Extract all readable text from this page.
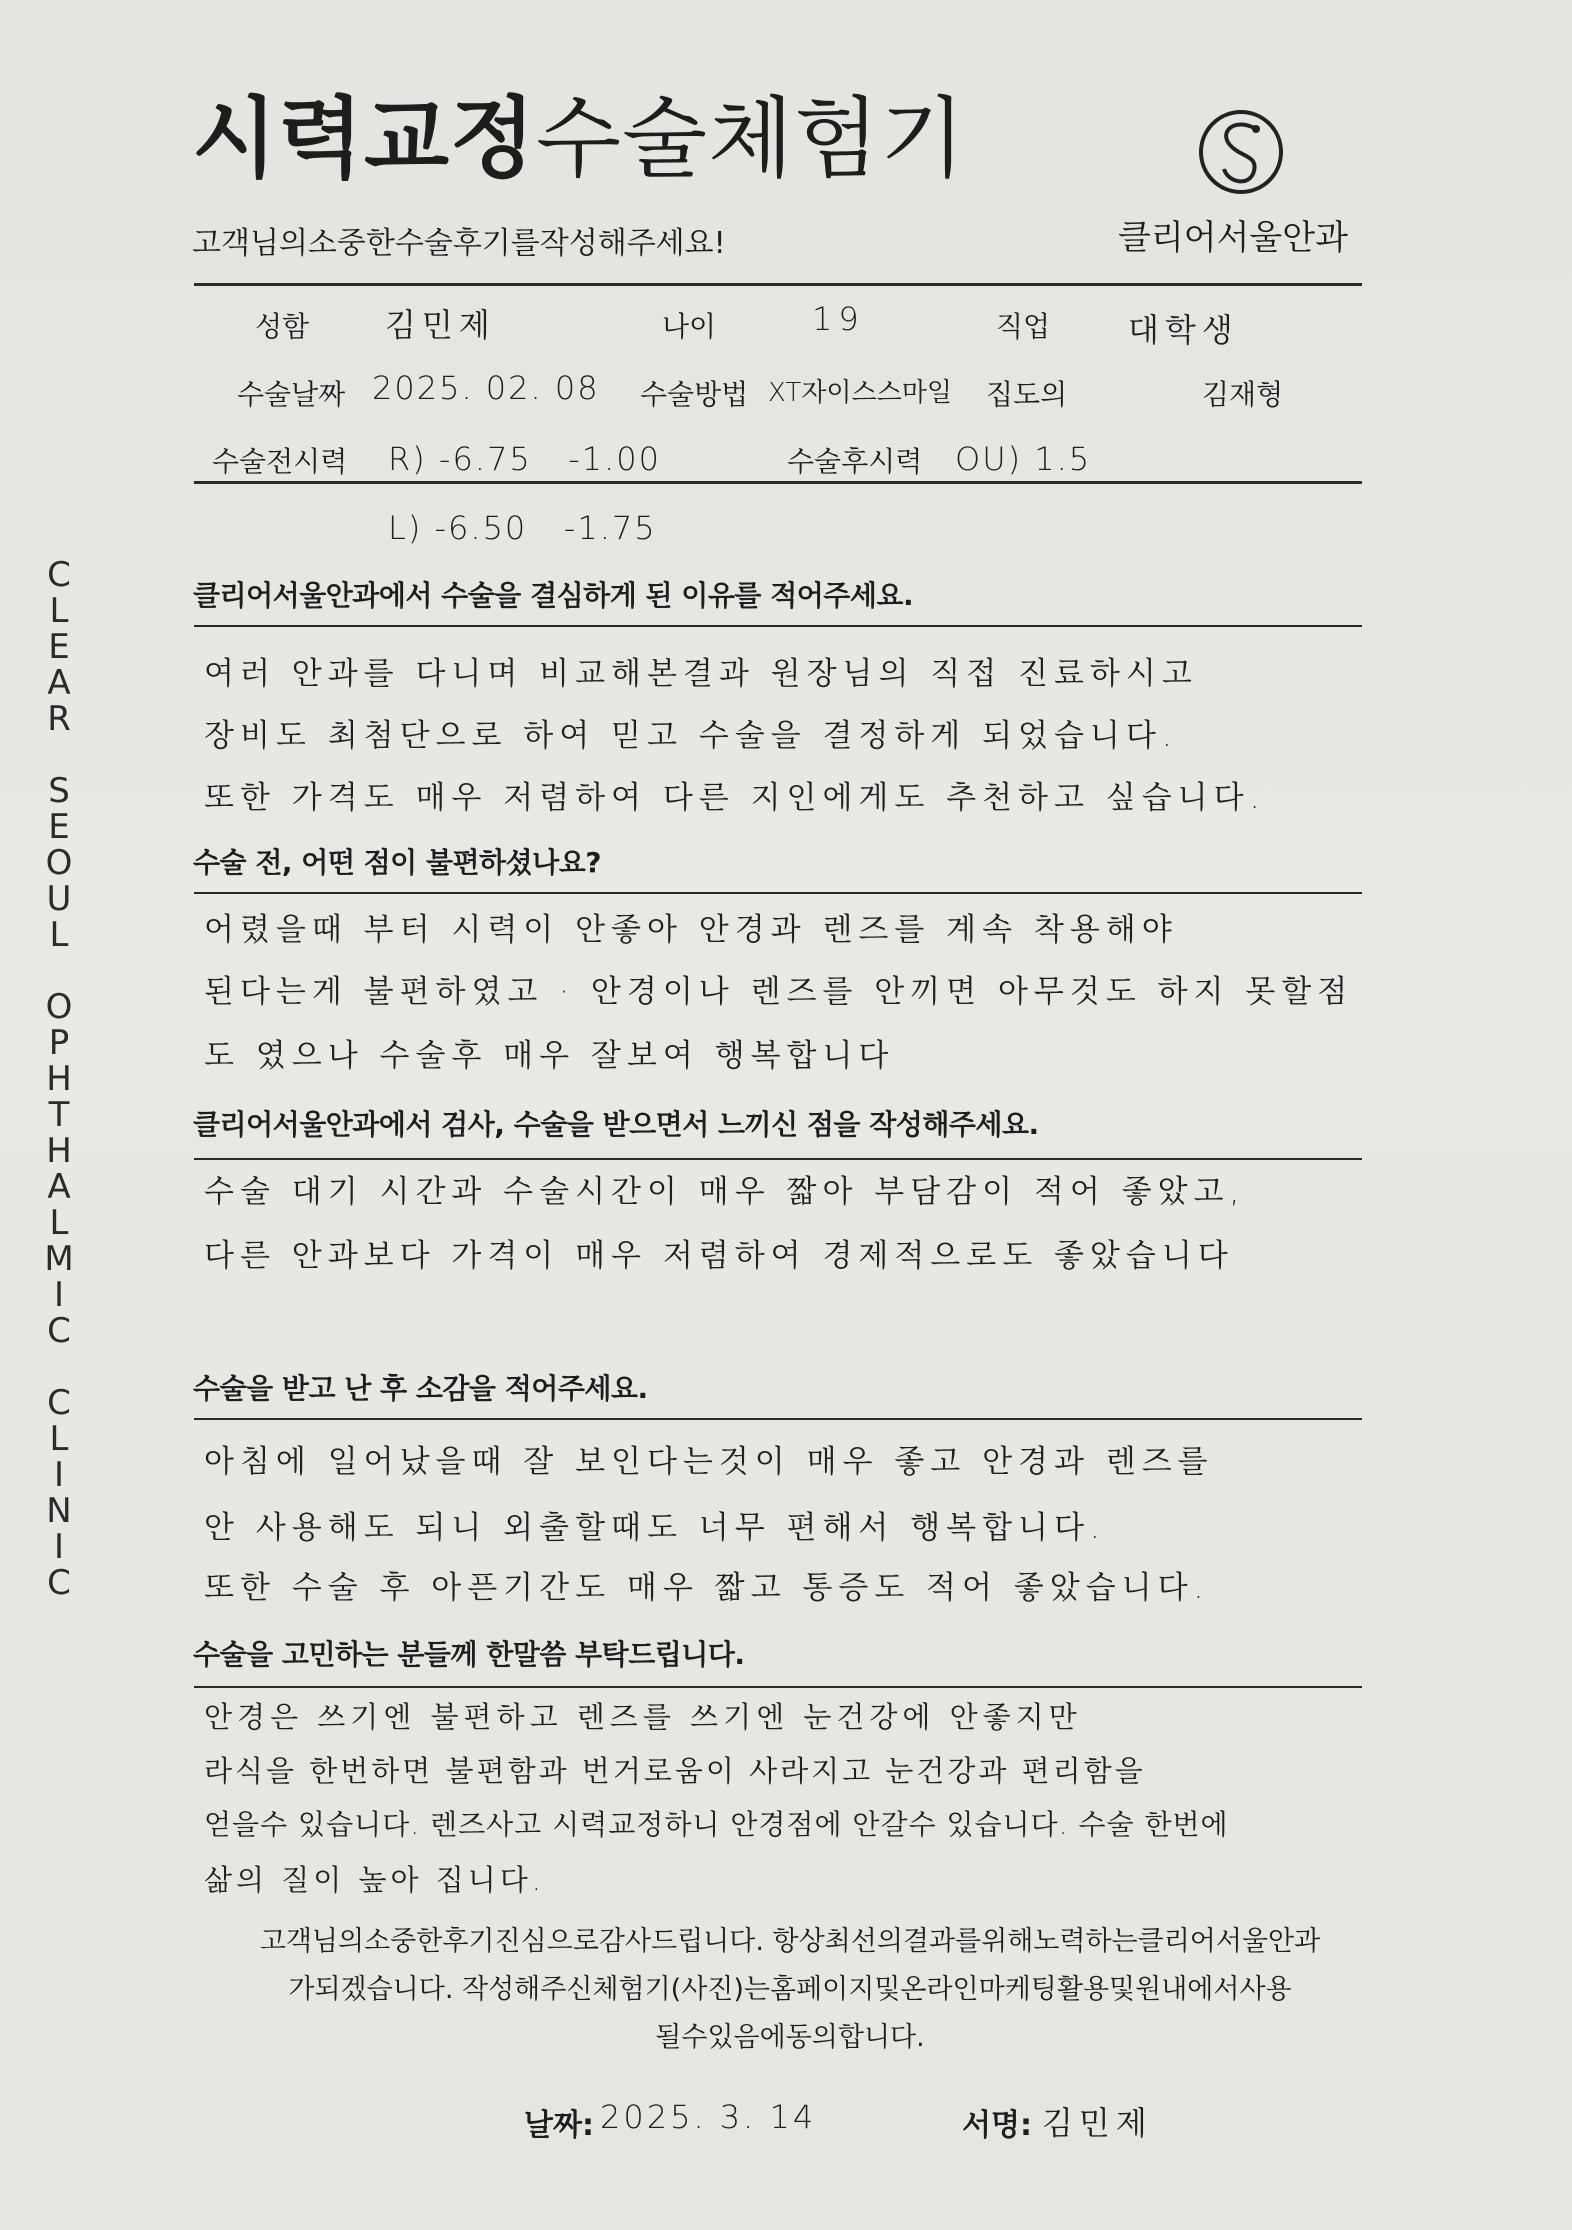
시력교정수술체험기
고객님의소중한수술후기를작성해주세요!	클리어서울안과
C
L
E
A
R
S
E
O
U
L
O
P
H
T
H
A
L
M
I
C
C
L
I
N
I
C
성함 김민제	나이	19	직업 대학생
수술날짜 2025. 02. 08 수술방법 XT자이스스마일 집도의	김재형
수술전시력 R) -6.75   -1.00	수술후시력 OU) 1.5
L) -6.50   -1.75
클리어서울안과에서 수술을 결심하게 된 이유를 적어주세요.
여러 안과를 다니며 비교해본결과 원장님의 직접 진료하시고
장비도 최첨단으로 하여 믿고 수술을 결정하게 되었습니다.
또한 가격도 매우 저렴하여 다른 지인에게도 추천하고 싶습니다.
수술 전, 어떤 점이 불편하셨나요?
어렸을때 부터 시력이 안좋아 안경과 렌즈를 계속 착용해야
된다는게 불편하였고 · 안경이나 렌즈를 안끼면 아무것도 하지 못할점
도 였으나 수술후 매우 잘보여 행복합니다
클리어서울안과에서 검사, 수술을 받으면서 느끼신 점을 작성해주세요.
수술 대기 시간과 수술시간이 매우 짧아 부담감이 적어 좋았고,
다른 안과보다 가격이 매우 저렴하여 경제적으로도 좋았습니다
수술을 받고 난 후 소감을 적어주세요.
아침에 일어났을때 잘 보인다는것이 매우 좋고 안경과 렌즈를
안 사용해도 되니 외출할때도 너무 편해서 행복합니다.
또한 수술 후 아픈기간도 매우 짧고 통증도 적어 좋았습니다.
수술을 고민하는 분들께 한말씀 부탁드립니다.
안경은 쓰기엔 불편하고 렌즈를 쓰기엔 눈건강에 안좋지만
라식을 한번하면 불편함과 번거로움이 사라지고 눈건강과 편리함을
얻을수 있습니다. 렌즈사고 시력교정하니 안경점에 안갈수 있습니다. 수술 한번에
삶의 질이 높아 집니다.
고객님의소중한후기진심으로감사드립니다. 항상최선의결과를위해노력하는클리어서울안과
가되겠습니다. 작성해주신체험기(사진)는홈페이지및온라인마케팅활용및원내에서사용
될수있음에동의합니다.
날짜: 2025. 3. 14	서명: 김민제
